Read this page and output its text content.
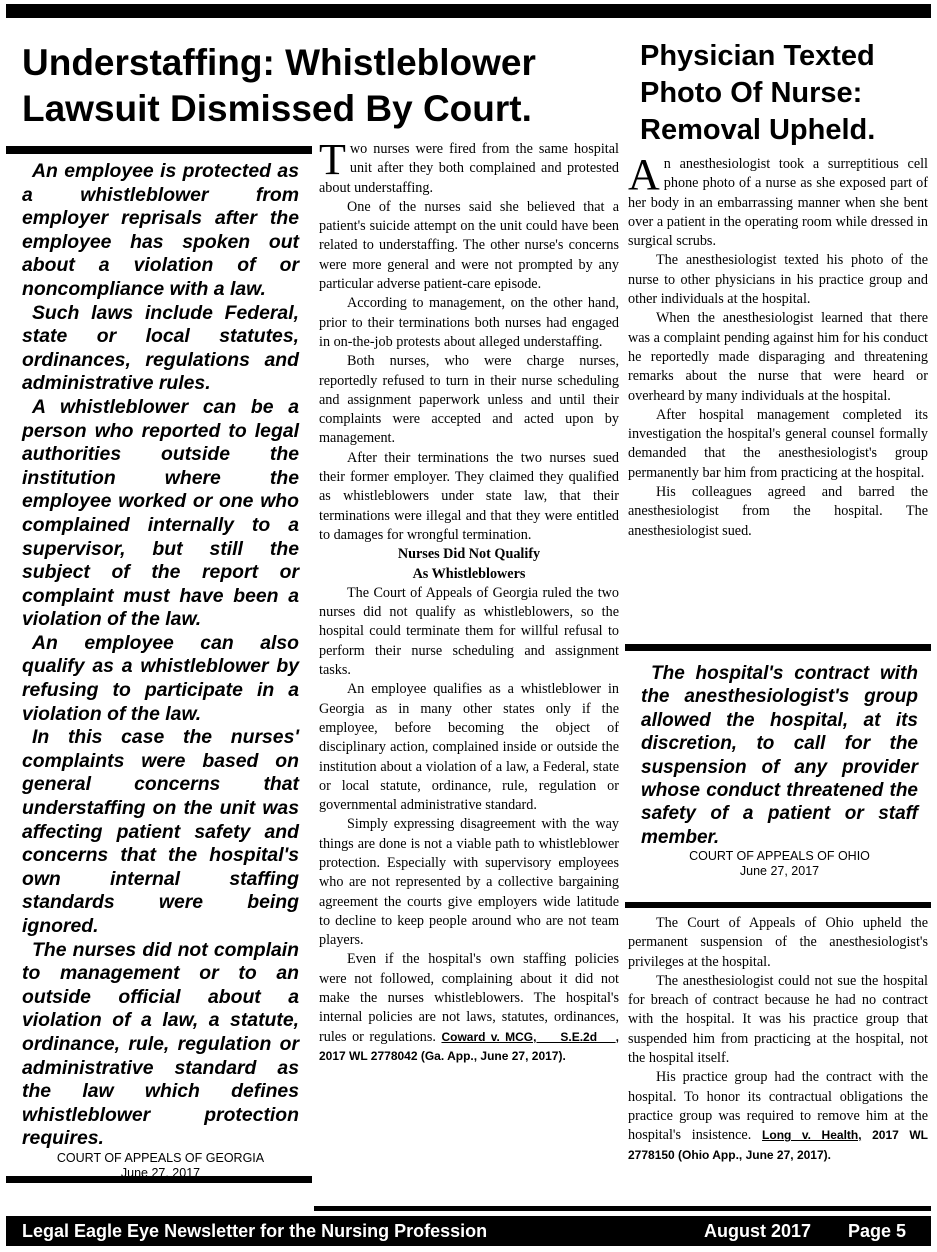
Understaffing: Whistleblower Lawsuit Dismissed By Court.
Physician Texted Photo Of Nurse: Removal Upheld.

An employee is protected as a whistleblower from employer reprisals after the employee has spoken out about a violation of or noncompliance with a law.

Such laws include Federal, state or local statutes, ordinances, regulations and administrative rules.

A whistleblower can be a person who reported to legal authorities outside the institution where the employee worked or one who complained internally to a supervisor, but still the subject of the report or complaint must have been a violation of the law.

An employee can also qualify as a whistleblower by refusing to participate in a violation of the law.

In this case the nurses' complaints were based on general concerns that understaffing on the unit was affecting patient safety and concerns that the hospital's own internal staffing standards were being ignored.

The nurses did not complain to management or to an outside official about a violation of a law, a statute, ordinance, rule, regulation or administrative standard as the law which defines whistleblower protection requires.

COURT OF APPEALS OF GEORGIA
June 27, 2017

Two nurses were fired from the same hospital unit after they both complained and protested about understaffing.

One of the nurses said she believed that a patient's suicide attempt on the unit could have been related to understaffing. The other nurse's concerns were more general and were not prompted by any particular adverse patient-care episode.

According to management, on the other hand, prior to their terminations both nurses had engaged in on-the-job protests about alleged understaffing.

Both nurses, who were charge nurses, reportedly refused to turn in their nurse scheduling and assignment paperwork unless and until their complaints were accepted and acted upon by management.

After their terminations the two nurses sued their former employer. They claimed they qualified as whistleblowers under state law, that their terminations were illegal and that they were entitled to damages for wrongful termination.

Nurses Did Not Qualify

As Whistleblowers

The Court of Appeals of Georgia ruled the two nurses did not qualify as whistleblowers, so the hospital could terminate them for willful refusal to perform their nurse scheduling and assignment tasks.

An employee qualifies as a whistleblower in Georgia as in many other states only if the employee, before becoming the object of disciplinary action, complained inside or outside the institution about a violation of a law, a Federal, state or local statute, ordinance, rule, regulation or governmental administrative standard.

Simply expressing disagreement with the way things are done is not a viable path to whistleblower protection. Especially with supervisory employees who are not represented by a collective bargaining agreement the courts give employers wide latitude to decline to keep people around who are not team players.

Even if the hospital's own staffing policies were not followed, complaining about it did not make the nurses whistleblowers. The hospital's internal policies are not laws, statutes, ordinances, rules or regulations. Coward v. MCG, __ S.E.2d __, 2017 WL 2778042 (Ga. App., June 27, 2017).

An anesthesiologist took a surreptitious cell phone photo of a nurse as she exposed part of her body in an embarrassing manner when she bent over a patient in the operating room while dressed in surgical scrubs.

The anesthesiologist texted his photo of the nurse to other physicians in his practice group and other individuals at the hospital.

When the anesthesiologist learned that there was a complaint pending against him for his conduct he reportedly made disparaging and threatening remarks about the nurse that were heard or overheard by many individuals at the hospital.

After hospital management completed its investigation the hospital's general counsel formally demanded that the anesthesiologist's group permanently bar him from practicing at the hospital.

His colleagues agreed and barred the anesthesiologist from the hospital. The anesthesiologist sued.

The hospital's contract with the anesthesiologist's group allowed the hospital, at its discretion, to call for the suspension of any provider whose conduct threatened the safety of a patient or staff member.

COURT OF APPEALS OF OHIO
June 27, 2017

The Court of Appeals of Ohio upheld the permanent suspension of the anesthesiologist's privileges at the hospital.

The anesthesiologist could not sue the hospital for breach of contract because he had no contract with the hospital. It was his practice group that suspended him from practicing at the hospital, not the hospital itself.

His practice group had the contract with the hospital. To honor its contractual obligations the practice group was required to remove him at the hospital's insistence. Long v. Health, 2017 WL 2778150 (Ohio App., June 27, 2017).

Legal Eagle Eye Newsletter for the Nursing Profession	August 2017 Page 5
